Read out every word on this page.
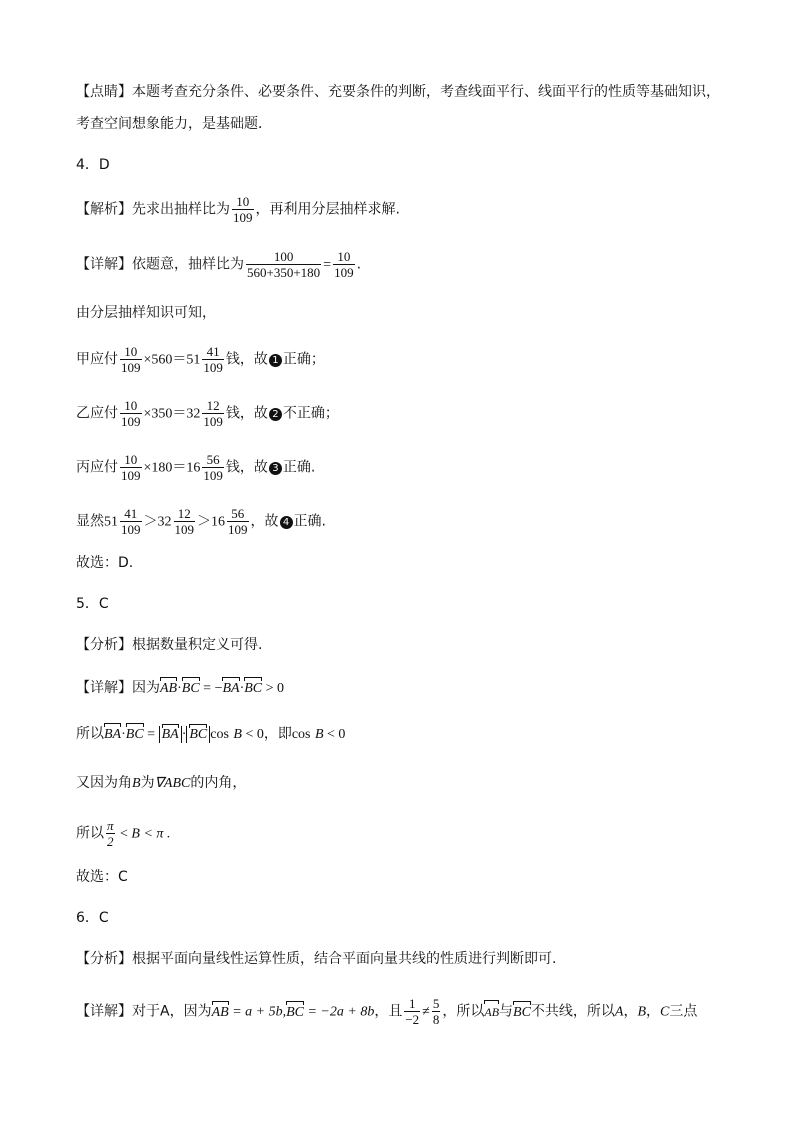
【点睛】本题考查充分条件、必要条件、充要条件的判断，考查线面平行、线面平行的性质等基础知识，
考查空间想象能力，是基础题．
4．D
【解析】先求出抽样比为 $\frac{10}{109}$ ，再利用分层抽样求解.
【详解】依题意，抽样比为 $\frac{100}{560+350+180} = \frac{10}{109}$ .
由分层抽样知识可知，
甲应付 $\frac{10}{109} \times 560=51 \frac{41}{109}$ 钱，故 1 正确；
乙应付 $\frac{10}{109} \times 350=32 \frac{12}{109}$ 钱，故 2 不正确；
丙应付 $\frac{10}{109} \times 180=16 \frac{56}{109}$ 钱，故 3 正确.
显然$51 \frac{41}{109} >32 \frac{12}{109} >16 \frac{56}{109}$ ，故 4 正确.
故选：D.
5．C
【分析】根据数量积定义可得.
【详解】因为AB·BC = −BA·BC > 0
所以BA·BC = BA · BC cos B < 0，即cos B < 0
又因为角B为∇ABC的内角，
所以 $\frac{\pi}{2} < B < \pi$ .
故选：C
6．C
【分析】根据平面向量线性运算性质，结合平面向量共线的性质进行判断即可.
【详解】对于A，因为AB = a + 5b,BC = −2a + 8b，且 $\frac{1}{-2} \ne \frac{5}{8}$ ，所以AB与BC不共线，所以A，B，C三点
